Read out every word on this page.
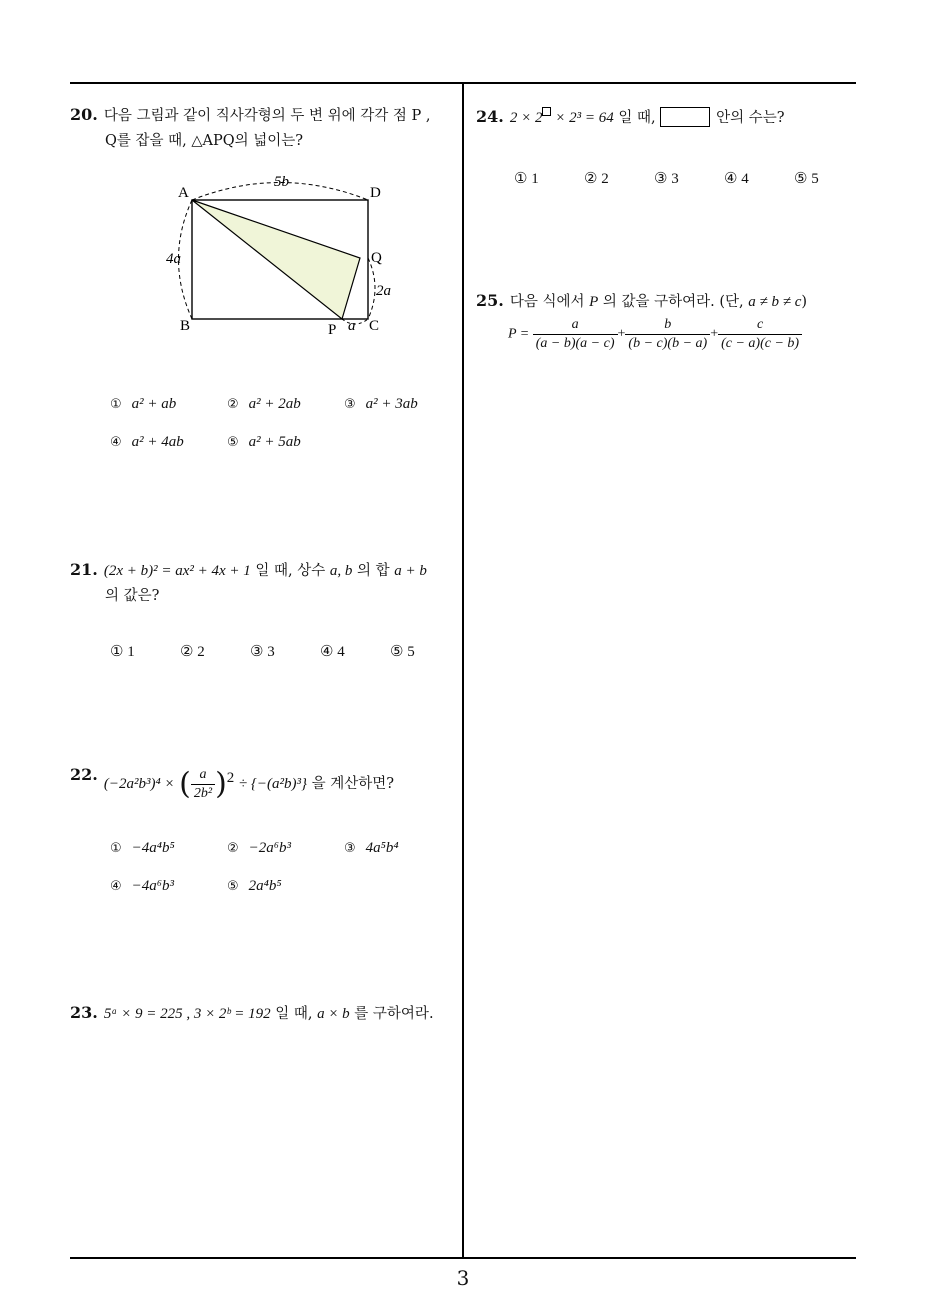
20. 다음 그림과 같이 직사각형의 두 변 위에 각각 점 P ,
Q를 잡을 때, △APQ의 넓이는?
A	D
B	C
P
Q
5b
4a
2a
a
① a² + ab	② a² + 2ab	③ a² + 3ab
④ a² + 4ab	⑤ a² + 5ab
21. (2x + b)² = ax² + 4x + 1 일 때, 상수 a, b 의 합 a + b
의 값은?
① 1	② 2	③ 3	④ 4	⑤ 5
22. (−2a²b³)⁴ × ( $\frac{a}{\text{2b²}} )^2 \div \{-(a^2b)^3\}$ 을 계산하면?
① −4a⁴b⁵	② −2a⁶b³	③ 4a⁵b⁴
④ −4a⁶b³	⑤ 2a⁴b⁵
23. 5ᵃ × 9 = 225 , 3 × 2ᵇ = 192 일 때, a × b 를 구하여라.
24. 2 × 2 × 2³ = 64 일 때,	안의 수는?
① 1	② 2	③ 3	④ 4	⑤ 5
25. 다음 식에서 P 의 값을 구하여라. (단, a ≠ b ≠ c)
$P = \frac{a}{(a - b)(a - c)} + \frac{b}{(b - c)(b - a)} + \frac{c}{(c - a)(c - b)}$
3
